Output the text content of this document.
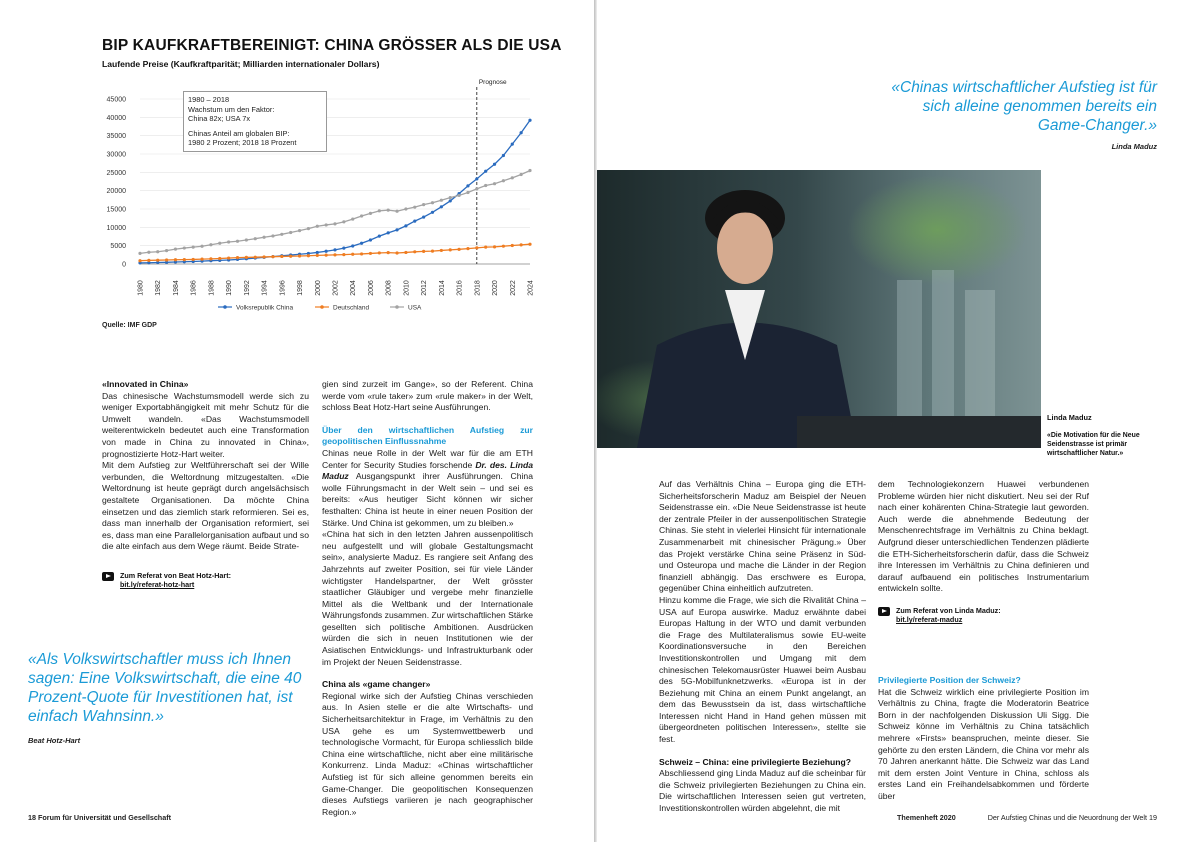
BIP KAUFKRAFTBEREINIGT: CHINA GRÖSSER ALS DIE USA
Laufende Preise (Kaufkraftparität; Milliarden internationaler Dollars)
0
5000
10000
15000
20000
25000
30000
35000
40000
45000
1980 1982 1984 1986 1988 1990 1992 1994 1996 1998 2000 2002 2004 2006 2008 2010 2012 2014 2016 2018 2020 2022 2024
Prognose
Volksrepublik China	Deutschland	USA
1980 – 2018
Wachstum um den Faktor:
China 82x; USA 7x
Chinas Anteil am globalen BIP:
1980 2 Prozent; 2018 18 Prozent
Quelle: IMF GDP
«Innovated in China»

Das chinesische Wachstumsmodell werde sich zu weniger Exportabhängigkeit mit mehr Schutz für die Umwelt wandeln. «Das Wachstumsmodell weiterentwickeln bedeutet auch eine Transformation von made in China zu innovated in China», prognostizierte Hotz-Hart weiter.

Mit dem Aufstieg zur Weltführerschaft sei der Wille verbunden, die Weltordnung mitzugestalten. «Die Weltordnung ist heute geprägt durch angelsächsisch gestaltete Organisationen. Da möchte China einsetzen und das ziemlich stark reformieren. Sei es, dass man innerhalb der Organisation reformiert, sei es, dass man eine Parallelorganisation aufbaut und so die alte einfach aus dem Wege räumt. Beide Strate-

Zum Referat von Beat Hotz-Hart:
bit.ly/referat-hotz-hart

gien sind zurzeit im Gange», so der Referent. China werde vom «rule taker» zum «rule maker» in der Welt, schloss Beat Hotz-Hart seine Ausführungen.

Über den wirtschaftlichen Aufstieg zur geopolitischen Einflussnahme

Chinas neue Rolle in der Welt war für die am ETH Center for Security Studies forschende Dr. des. Linda Maduz Ausgangspunkt ihrer Ausführungen. China wolle Führungsmacht in der Welt sein – und sei es bereits: «Aus heutiger Sicht können wir sicher festhalten: China ist heute in einer neuen Position der Stärke. Und China ist gekommen, um zu bleiben.»

«China hat sich in den letzten Jahren aussenpolitisch neu aufgestellt und will globale Gestaltungsmacht sein», analysierte Maduz. Es rangiere seit Anfang des Jahrzehnts auf zweiter Position, sei für viele Länder wichtigster Handelspartner, der Welt grösster staatlicher Gläubiger und vergebe mehr finanzielle Mittel als die Weltbank und der Internationale Währungsfonds zusammen. Zur wirtschaftlichen Stärke gesellten sich politische Ambitionen. Ausdrücken würden die sich in neuen Institutionen wie der Asiatischen Entwicklungs- und Infrastrukturbank oder im Projekt der Neuen Seidenstrasse.

China als «game changer»

Regional wirke sich der Aufstieg Chinas verschieden aus. In Asien stelle er die alte Wirtschafts- und Sicherheitsarchitektur in Frage, im Verhältnis zu den USA gehe es um Systemwettbewerb und technologische Vormacht, für Europa schliesslich bilde China eine wirtschaftliche, nicht aber eine militärische Konkurrenz. Linda Maduz: «Chinas wirtschaftlicher Aufstieg ist für sich alleine genommen bereits ein Game-Changer. Die geopolitischen Konsequenzen dieses Aufstiegs variieren je nach geographischer Region.»

«Als Volkswirtschaftler muss ich Ihnen sagen: Eine Volkswirtschaft, die eine 40 Prozent-Quote für Investitionen hat, ist einfach Wahnsinn.»
Beat Hotz-Hart
18 Forum für Universität und Gesellschaft
«Chinas wirtschaftlicher Aufstieg ist für sich alleine genommen bereits ein Game-Changer.»
Linda Maduz
Linda Maduz
«Die Motivation für die Neue Seidenstrasse ist primär wirtschaftlicher Natur.»

Auf das Verhältnis China – Europa ging die ETH-Sicherheitsforscherin Maduz am Beispiel der Neuen Seidenstrasse ein. «Die Neue Seidenstrasse ist heute der zentrale Pfeiler in der aussenpolitischen Strategie Chinas. Sie steht in vielerlei Hinsicht für internationale Zusammenarbeit mit chinesischer Prägung.» Über das Projekt verstärke China seine Präsenz in Süd- und Osteuropa und mache die Länder in der Region finanziell abhängig. Das erschwere es Europa, gegenüber China einheitlich aufzutreten.

Hinzu komme die Frage, wie sich die Rivalität China – USA auf Europa auswirke. Maduz erwähnte dabei Europas Haltung in der WTO und damit verbunden die Frage des Multilateralismus sowie EU-weite Koordinationsversuche in den Bereichen Investitionskontrollen und Umgang mit dem chinesischen Telekomausrüster Huawei beim Ausbau des 5G-Mobilfunknetzwerks. «Europa ist in der Beziehung mit China an einem Punkt angelangt, an dem das Bewusstsein da ist, dass wirtschaftliche Interessen nicht Hand in Hand gehen müssen mit übergeordneten politischen Interessen», stellte sie fest.

Schweiz – China: eine privilegierte Beziehung?

Abschliessend ging Linda Maduz auf die scheinbar für die Schweiz privilegierten Beziehungen zu China ein. Die wirtschaftlichen Interessen seien gut vertreten, Investitionskontrollen würden abgelehnt, die mit

dem Technologiekonzern Huawei verbundenen Probleme würden hier nicht diskutiert. Neu sei der Ruf nach einer kohärenten China-Strategie laut geworden. Auch werde die abnehmende Bedeutung der Menschenrechtsfrage im Verhältnis zu China beklagt. Aufgrund dieser unterschiedlichen Tendenzen plädierte die ETH-Sicherheitsforscherin dafür, dass die Schweiz ihre Interessen im Verhältnis zu China definieren und darauf aufbauend ein politisches Instrumentarium entwickeln sollte.

Zum Referat von Linda Maduz:
bit.ly/referat-maduz
Privilegierte Position der Schweiz?

Hat die Schweiz wirklich eine privilegierte Position im Verhältnis zu China, fragte die Moderatorin Beatrice Born in der nachfolgenden Diskussion Uli Sigg. Die Schweiz könne im Verhältnis zu China tatsächlich mehrere «Firsts» beanspruchen, meinte dieser. Sie gehörte zu den ersten Ländern, die China vor mehr als 70 Jahren anerkannt hätte. Die Schweiz war das Land mit dem ersten Joint Venture in China, schloss als erstes Land ein Freihandelsabkommen und förderte über

Themenheft 2020	Der Aufstieg Chinas und die Neuordnung der Welt 19
